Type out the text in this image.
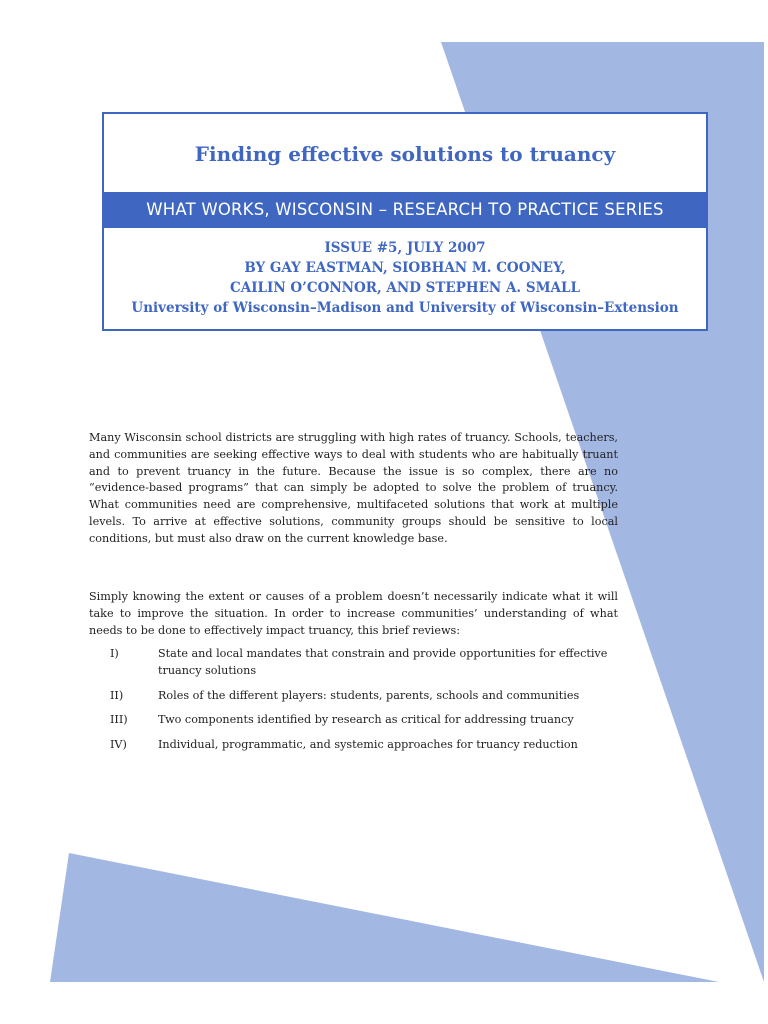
Finding effective solutions to truancy
WHAT WORKS, WISCONSIN – RESEARCH TO PRACTICE SERIES
ISSUE #5, JULY 2007
BY GAY EASTMAN, SIOBHAN M. COONEY,
CAILIN O’CONNOR, AND STEPHEN A. SMALL
University of Wisconsin–Madison and University of Wisconsin–Extension

Many Wisconsin school districts are struggling with high rates of truancy. Schools, teachers, and communities are seeking effective ways to deal with students who are habitually truant and to prevent truancy in the future. Because the issue is so complex, there are no “evidence-based programs” that can simply be adopted to solve the problem of truancy. What communities need are comprehensive, multifaceted solutions that work at multiple levels. To arrive at effective solutions, community groups should be sensitive to local conditions, but must also draw on the current knowledge base.

Simply knowing the extent or causes of a problem doesn’t necessarily indicate what it will take to improve the situation. In order to increase communities’ understanding of what needs to be done to effectively impact truancy, this brief reviews:

I)	State and local mandates that constrain and provide opportunities for effective truancy solutions
II)	Roles of the different players: students, parents, schools and communities
III)	Two components identified by research as critical for addressing truancy
IV)	Individual, programmatic, and systemic approaches for truancy reduction
